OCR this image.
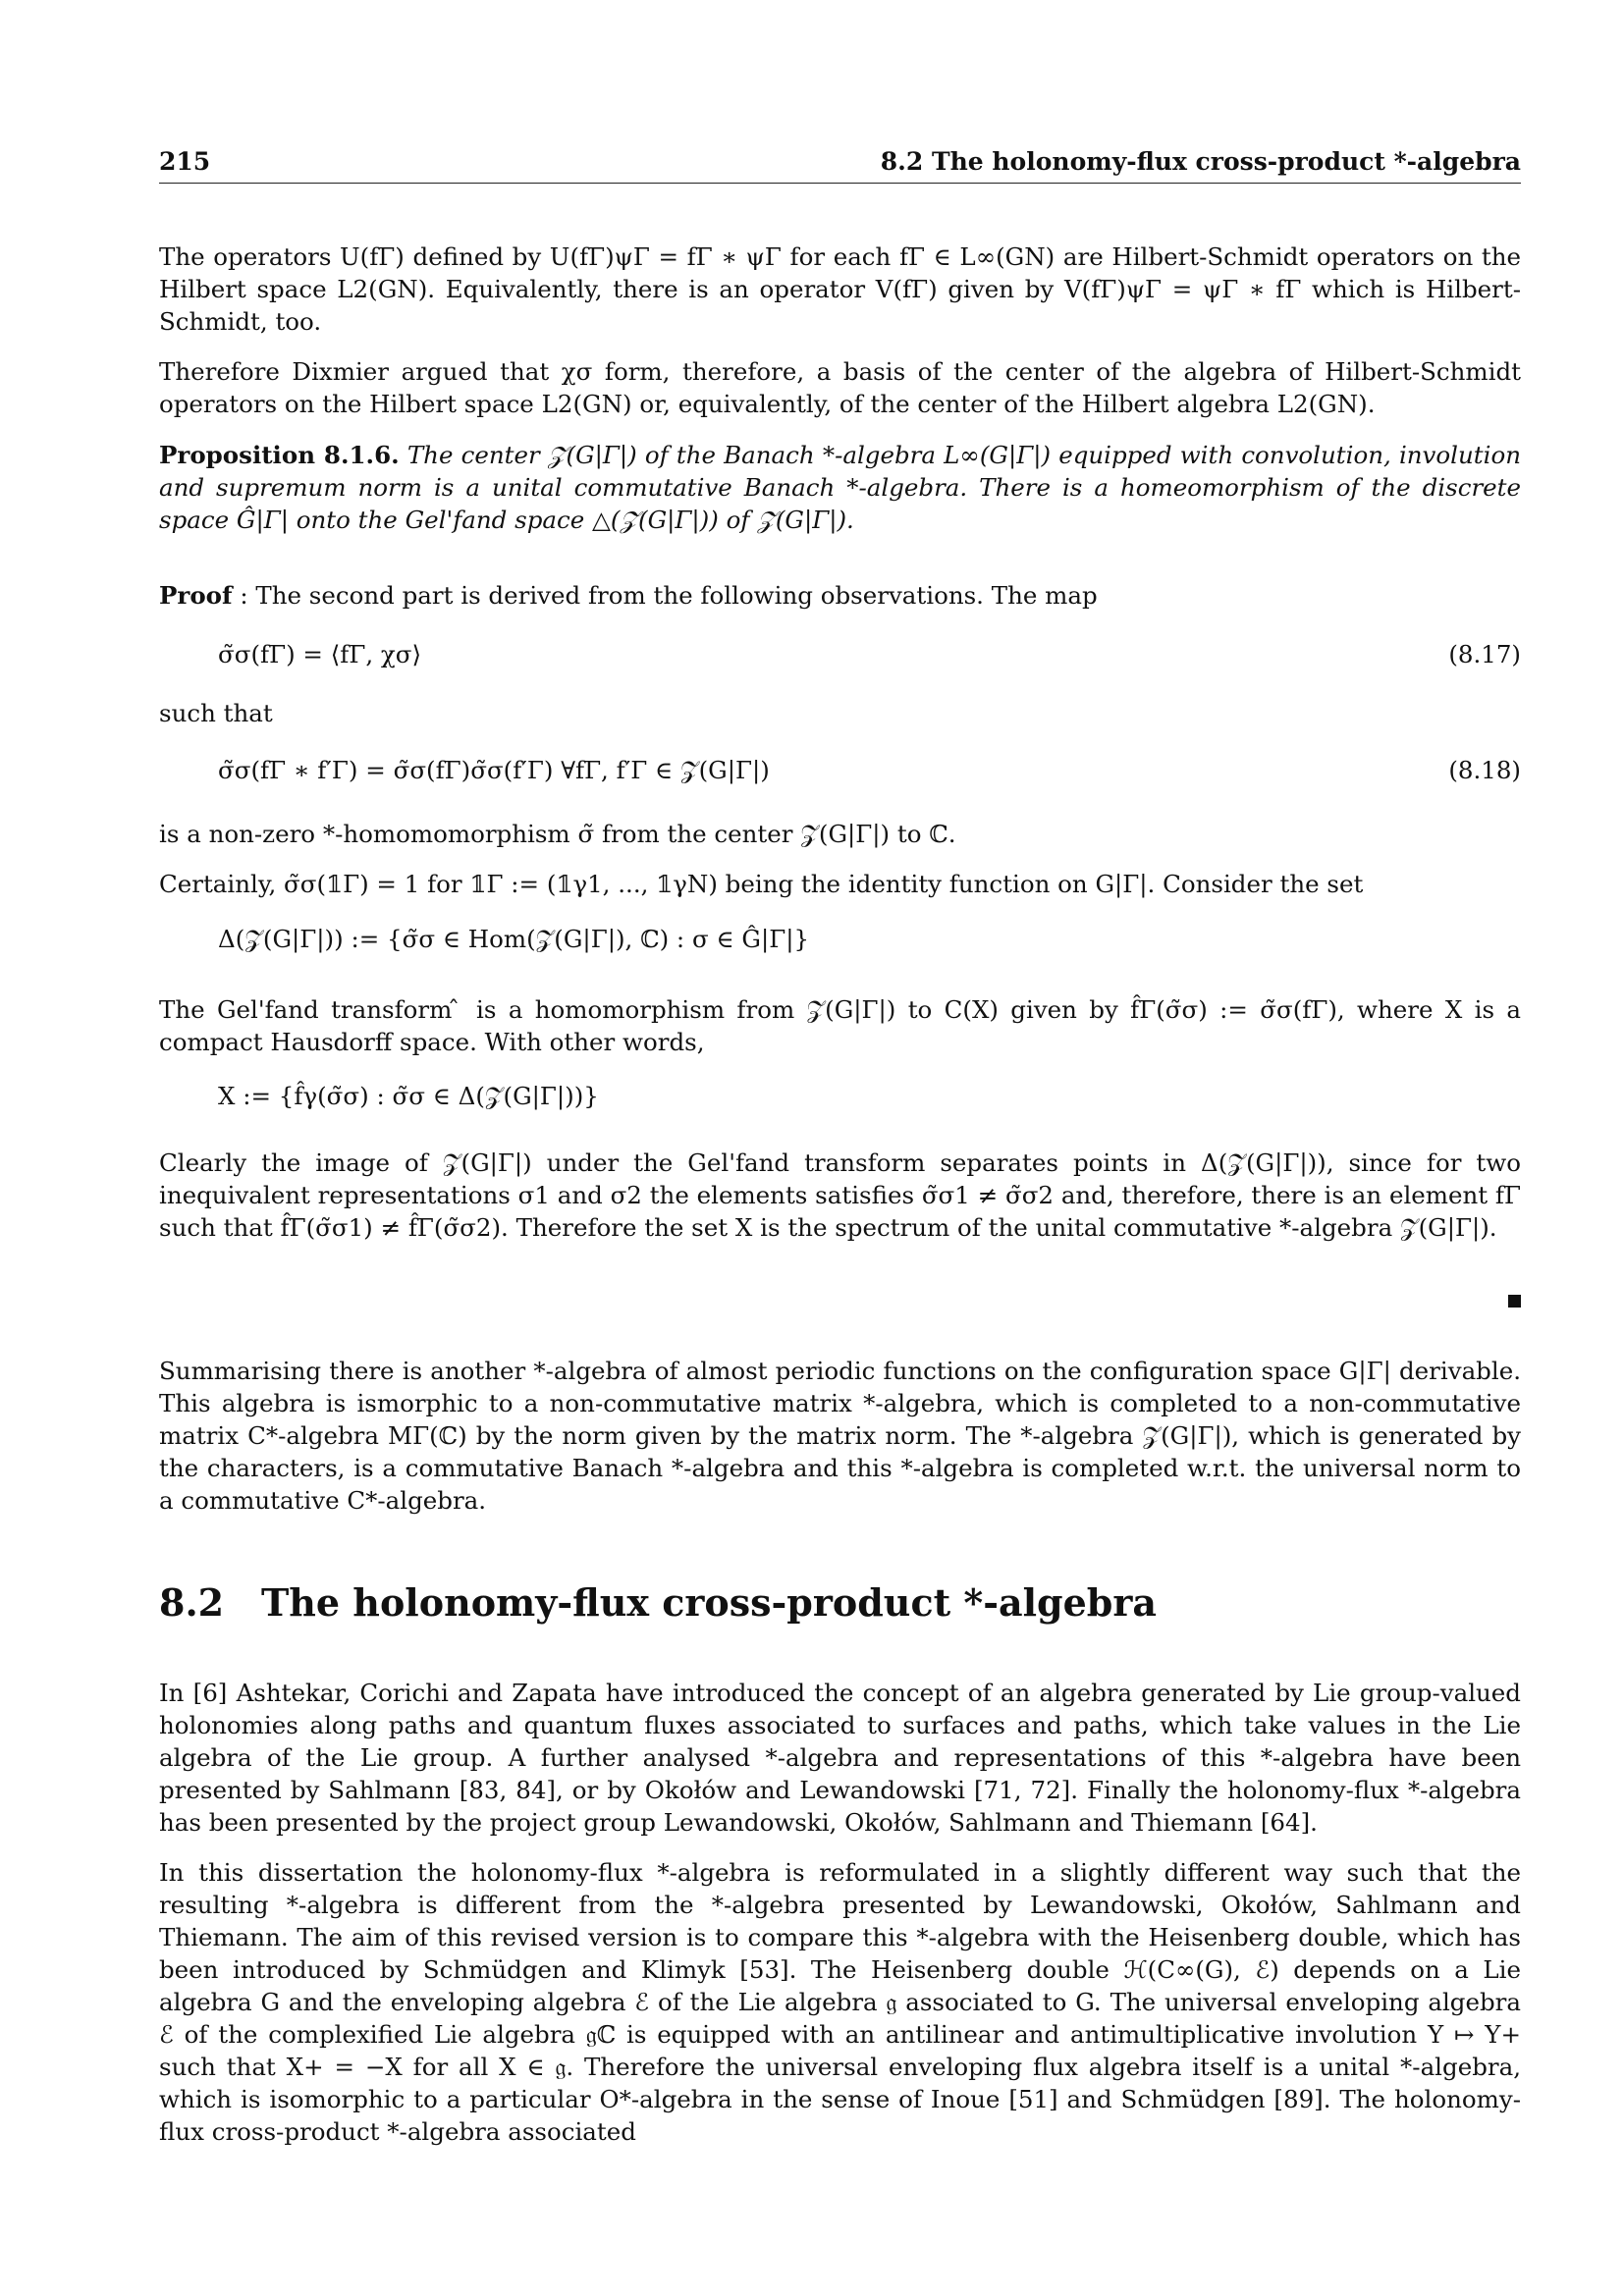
215	8.2 The holonomy-flux cross-product *-algebra

The operators U(fΓ) defined by U(fΓ)ψΓ = fΓ ∗ ψΓ for each fΓ ∈ L∞(GN) are Hilbert-Schmidt operators on the Hilbert space L2(GN). Equivalently, there is an operator V(fΓ) given by V(fΓ)ψΓ = ψΓ ∗ fΓ which is Hilbert-Schmidt, too.

Therefore Dixmier argued that χσ form, therefore, a basis of the center of the algebra of Hilbert-Schmidt operators on the Hilbert space L2(GN) or, equivalently, of the center of the Hilbert algebra L2(GN).

Proposition 8.1.6. The center 𝒵(G|Γ|) of the Banach *-algebra L∞(G|Γ|) equipped with convolution, involution and supremum norm is a unital commutative Banach *-algebra. There is a homeomorphism of the discrete space Ĝ|Γ| onto the Gel'fand space △(𝒵(G|Γ|)) of 𝒵(G|Γ|).
Proof : The second part is derived from the following observations. The map
σ̃σ(fΓ) = ⟨fΓ, χσ⟩	(8.17)

such that

σ̃σ(fΓ ∗ f′Γ) = σ̃σ(fΓ)σ̃σ(f′Γ) ∀fΓ, f′Γ ∈ 𝒵(G|Γ|)	(8.18)

is a non-zero *-homomomorphism σ̃ from the center 𝒵(G|Γ|) to ℂ.

Certainly, σ̃σ(𝟙Γ) = 1 for 𝟙Γ := (𝟙γ1, ..., 𝟙γN) being the identity function on G|Γ|. Consider the set

Δ(𝒵(G|Γ|)) := {σ̃σ ∈ Hom(𝒵(G|Γ|), ℂ) : σ ∈ Ĝ|Γ|}

The Gel'fand transform ̂ is a homomorphism from 𝒵(G|Γ|) to C(X) given by f̂Γ(σ̃σ) := σ̃σ(fΓ), where X is a compact Hausdorff space. With other words,

X := {f̂γ(σ̃σ) : σ̃σ ∈ Δ(𝒵(G|Γ|))}

Clearly the image of 𝒵(G|Γ|) under the Gel'fand transform separates points in Δ(𝒵(G|Γ|)), since for two inequivalent representations σ1 and σ2 the elements satisfies σ̃σ1 ≠ σ̃σ2 and, therefore, there is an element fΓ such that f̂Γ(σ̃σ1) ≠ f̂Γ(σ̃σ2). Therefore the set X is the spectrum of the unital commutative *-algebra 𝒵(G|Γ|).

Summarising there is another *-algebra of almost periodic functions on the configuration space G|Γ| derivable. This algebra is ismorphic to a non-commutative matrix *-algebra, which is completed to a non-commutative matrix C*-algebra MΓ(ℂ) by the norm given by the matrix norm. The *-algebra 𝒵(G|Γ|), which is generated by the characters, is a commutative Banach *-algebra and this *-algebra is completed w.r.t. the universal norm to a commutative C*-algebra.

8.2 The holonomy-flux cross-product *-algebra

In [6] Ashtekar, Corichi and Zapata have introduced the concept of an algebra generated by Lie group-valued holonomies along paths and quantum fluxes associated to surfaces and paths, which take values in the Lie algebra of the Lie group. A further analysed *-algebra and representations of this *-algebra have been presented by Sahlmann [83, 84], or by Okołów and Lewandowski [71, 72]. Finally the holonomy-flux *-algebra has been presented by the project group Lewandowski, Okołów, Sahlmann and Thiemann [64].

In this dissertation the holonomy-flux *-algebra is reformulated in a slightly different way such that the resulting *-algebra is different from the *-algebra presented by Lewandowski, Okołów, Sahlmann and Thiemann. The aim of this revised version is to compare this *-algebra with the Heisenberg double, which has been introduced by Schmüdgen and Klimyk [53]. The Heisenberg double ℋ(C∞(G), ℰ) depends on a Lie algebra G and the enveloping algebra ℰ of the Lie algebra 𝔤 associated to G. The universal enveloping algebra ℰ of the complexified Lie algebra 𝔤ℂ is equipped with an antilinear and antimultiplicative involution Y ↦ Y+ such that X+ = −X for all X ∈ 𝔤. Therefore the universal enveloping flux algebra itself is a unital *-algebra, which is isomorphic to a particular O*-algebra in the sense of Inoue [51] and Schmüdgen [89]. The holonomy-flux cross-product *-algebra associated
